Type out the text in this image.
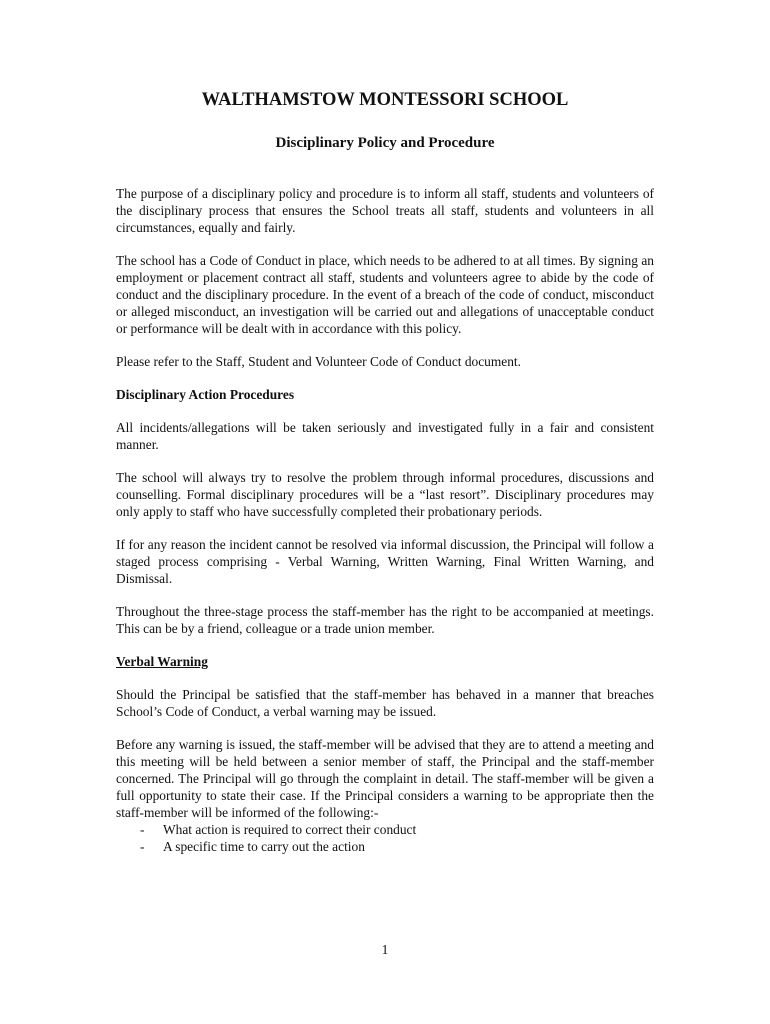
WALTHAMSTOW MONTESSORI SCHOOL
Disciplinary Policy and Procedure

The purpose of a disciplinary policy and procedure is to inform all staff, students and volunteers of the disciplinary process that ensures the School treats all staff, students and volunteers in all circumstances, equally and fairly.

The school has a Code of Conduct in place, which needs to be adhered to at all times. By signing an employment or placement contract all staff, students and volunteers agree to abide by the code of conduct and the disciplinary procedure. In the event of a breach of the code of conduct, misconduct or alleged misconduct, an investigation will be carried out and allegations of unacceptable conduct or performance will be dealt with in accordance with this policy.

Please refer to the Staff, Student and Volunteer Code of Conduct document.

Disciplinary Action Procedures

All incidents/allegations will be taken seriously and investigated fully in a fair and consistent manner.

The school will always try to resolve the problem through informal procedures, discussions and counselling. Formal disciplinary procedures will be a “last resort”. Disciplinary procedures may only apply to staff who have successfully completed their probationary periods.

If for any reason the incident cannot be resolved via informal discussion, the Principal will follow a staged process comprising - Verbal Warning, Written Warning, Final Written Warning, and Dismissal.

Throughout the three-stage process the staff-member has the right to be accompanied at meetings. This can be by a friend, colleague or a trade union member.

Verbal Warning

Should the Principal be satisfied that the staff-member has behaved in a manner that breaches School’s Code of Conduct, a verbal warning may be issued.

Before any warning is issued, the staff-member will be advised that they are to attend a meeting and this meeting will be held between a senior member of staff, the Principal and the staff-member concerned. The Principal will go through the complaint in detail. The staff-member will be given a full opportunity to state their case. If the Principal considers a warning to be appropriate then the staff-member will be informed of the following:-

- What action is required to correct their conduct
- A specific time to carry out the action
1
